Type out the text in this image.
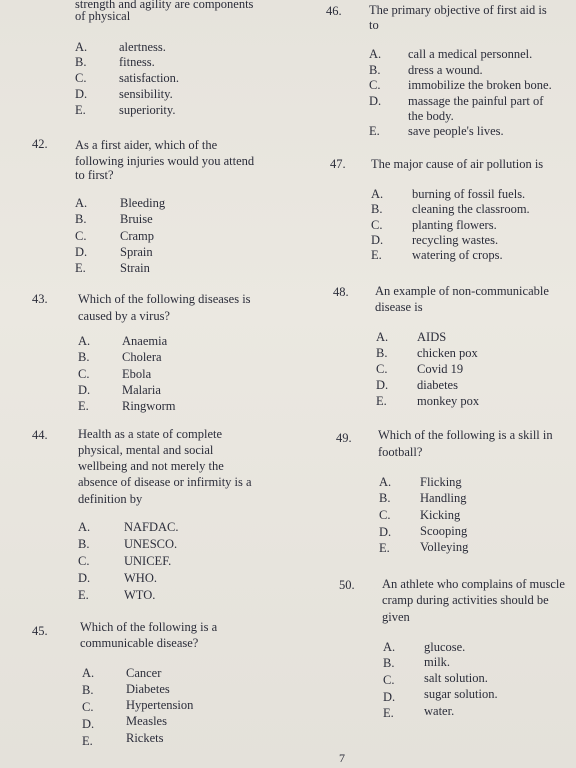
strength and agility are components
of physical
A.	alertness.
B.	fitness.
C.	satisfaction.
D.	sensibility.
E.	superiority.
42. As a first aider, which of the
following injuries would you attend
to first?
A.	Bleeding
B.	Bruise
C.	Cramp
D.	Sprain
E.	Strain
43. Which of the following diseases is
caused by a virus?
A.	Anaemia
B.	Cholera
C.	Ebola
D.	Malaria
E.	Ringworm
44. Health as a state of complete
physical, mental and social
wellbeing and not merely the
absence of disease or infirmity is a
definition by
A.	NAFDAC.
B.	UNESCO.
C.	UNICEF.
D.	WHO.
E.	WTO.
45.	Which of the following is a
communicable disease?
A.	Cancer
B.	Diabetes
C.	Hypertension
D.	Measles
E.	Rickets
46. The primary objective of first aid is
to
A. call a medical personnel.
B. dress a wound.
C. immobilize the broken bone.
D. massage the painful part of
the body.
E. save people's lives.
47. The major cause of air pollution is
A. burning of fossil fuels.
B. cleaning the classroom.
C. planting flowers.
D. recycling wastes.
E. watering of crops.
48. An example of non-communicable
disease is
A. AIDS
B. chicken pox
C. Covid 19
D. diabetes
E. monkey pox
49. Which of the following is a skill in
football?
A. Flicking
B. Handling
C. Kicking
D. Scooping
E. Volleying
50. An athlete who complains of muscle
cramp during activities should be
given
A. glucose.
B. milk.
C. salt solution.
D. sugar solution.
E. water.
7
